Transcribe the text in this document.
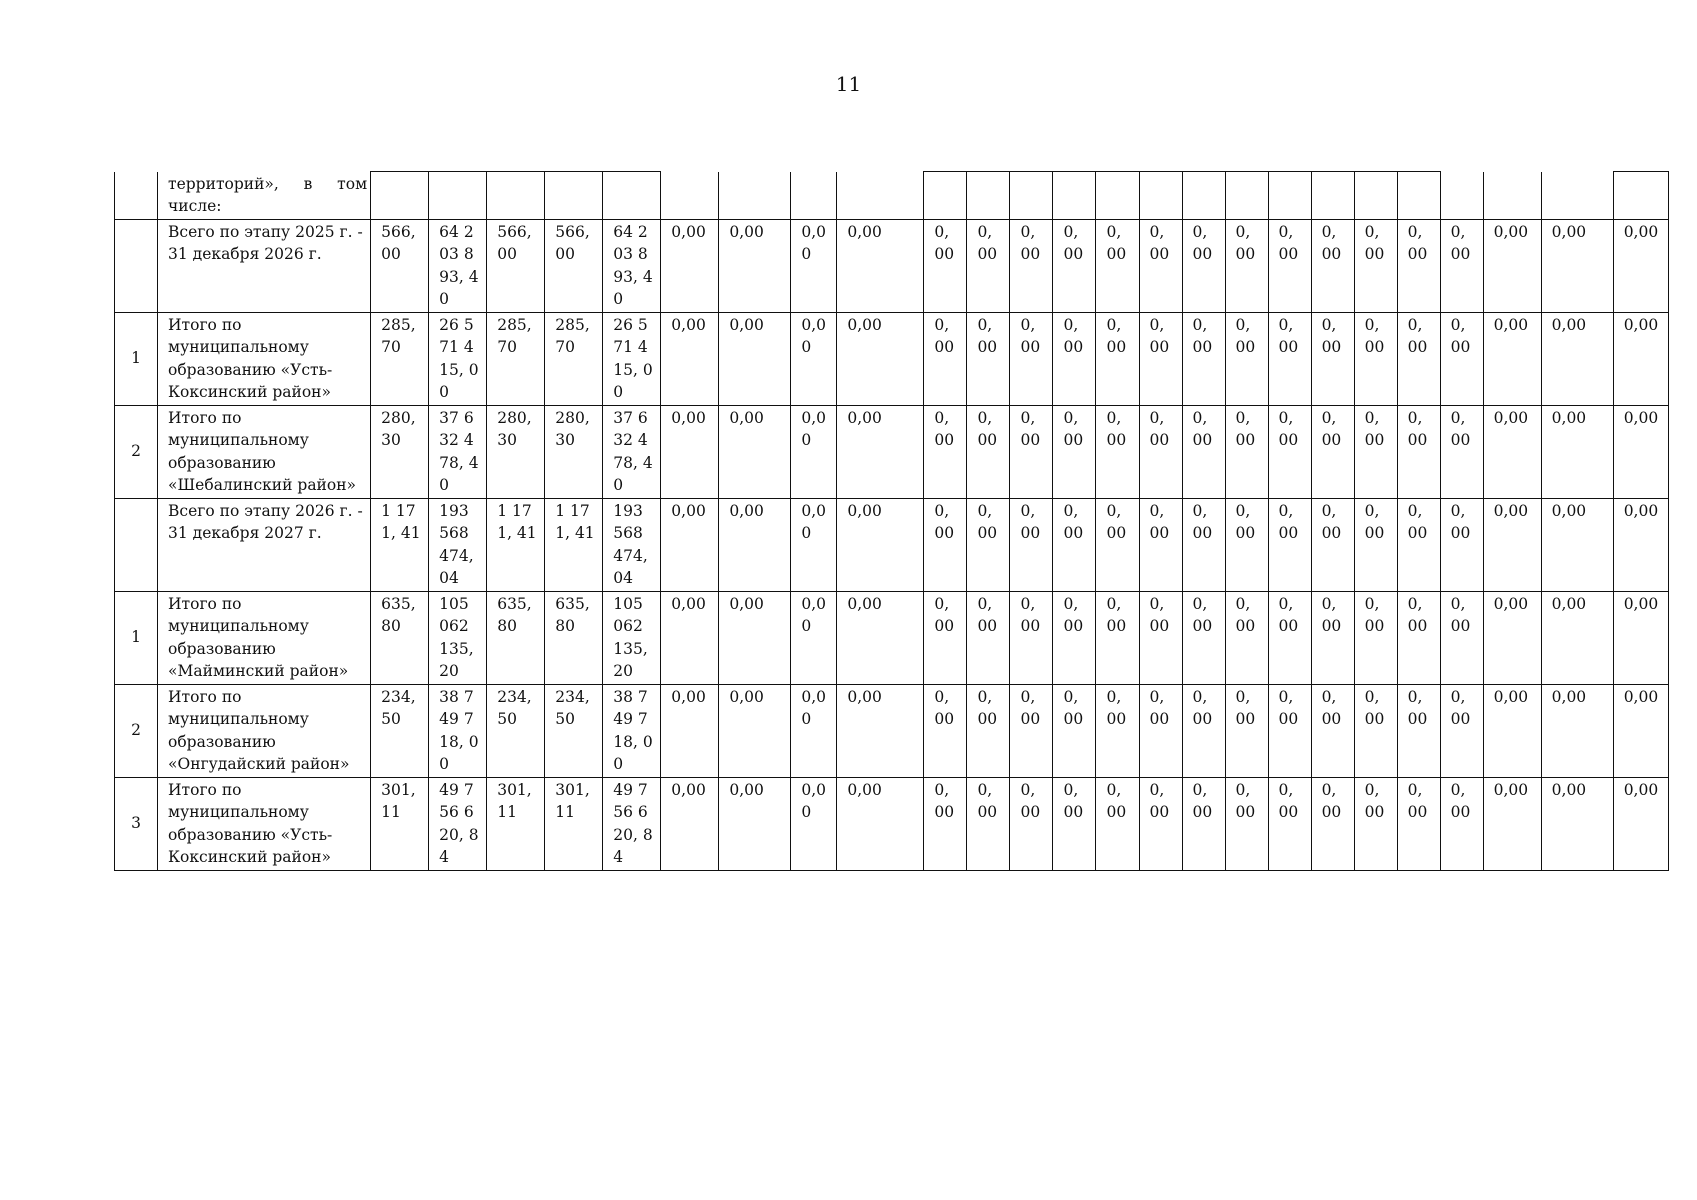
11
	территорий», в том числе:																									
	Всего по этапу 2025 г. - 31 декабря 2026 г.	566, 00	64 203 893, 40	566, 00	566, 00	64 203 893, 40	0,00	0,00	0,0 0	0,00	0, 00	0, 00	0, 00	0, 00	0, 00	0, 00	0, 00	0, 00	0, 00	0, 00	0, 00	0, 00	0, 00	0,00	0,00	0,00
1	Итого по муниципальному образованию «Усть-Коксинский район»	285, 70	26 571 415, 00	285, 70	285, 70	26 571 415, 00	0,00	0,00	0,0 0	0,00	0, 00	0, 00	0, 00	0, 00	0, 00	0, 00	0, 00	0, 00	0, 00	0, 00	0, 00	0, 00	0, 00	0,00	0,00	0,00
2	Итого по муниципальному образованию «Шебалинский район»	280, 30	37 632 478, 40	280, 30	280, 30	37 632 478, 40	0,00	0,00	0,0 0	0,00	0, 00	0, 00	0, 00	0, 00	0, 00	0, 00	0, 00	0, 00	0, 00	0, 00	0, 00	0, 00	0, 00	0,00	0,00	0,00
	Всего по этапу 2026 г. - 31 декабря 2027 г.	1 171, 41	193 568 474, 04	1 171, 41	1 171, 41	193 568 474, 04	0,00	0,00	0,0 0	0,00	0, 00	0, 00	0, 00	0, 00	0, 00	0, 00	0, 00	0, 00	0, 00	0, 00	0, 00	0, 00	0, 00	0,00	0,00	0,00
1	Итого по муниципальному образованию «Майминский район»	635, 80	105 062 135, 20	635, 80	635, 80	105 062 135, 20	0,00	0,00	0,0 0	0,00	0, 00	0, 00	0, 00	0, 00	0, 00	0, 00	0, 00	0, 00	0, 00	0, 00	0, 00	0, 00	0, 00	0,00	0,00	0,00
2	Итого по муниципальному образованию «Онгудайский район»	234, 50	38 749 718, 00	234, 50	234, 50	38 749 718, 00	0,00	0,00	0,0 0	0,00	0, 00	0, 00	0, 00	0, 00	0, 00	0, 00	0, 00	0, 00	0, 00	0, 00	0, 00	0, 00	0, 00	0,00	0,00	0,00
3	Итого по муниципальному образованию «Усть-Коксинский район»	301, 11	49 756 620, 84	301, 11	301, 11	49 756 620, 84	0,00	0,00	0,0 0	0,00	0, 00	0, 00	0, 00	0, 00	0, 00	0, 00	0, 00	0, 00	0, 00	0, 00	0, 00	0, 00	0, 00	0,00	0,00	0,00
